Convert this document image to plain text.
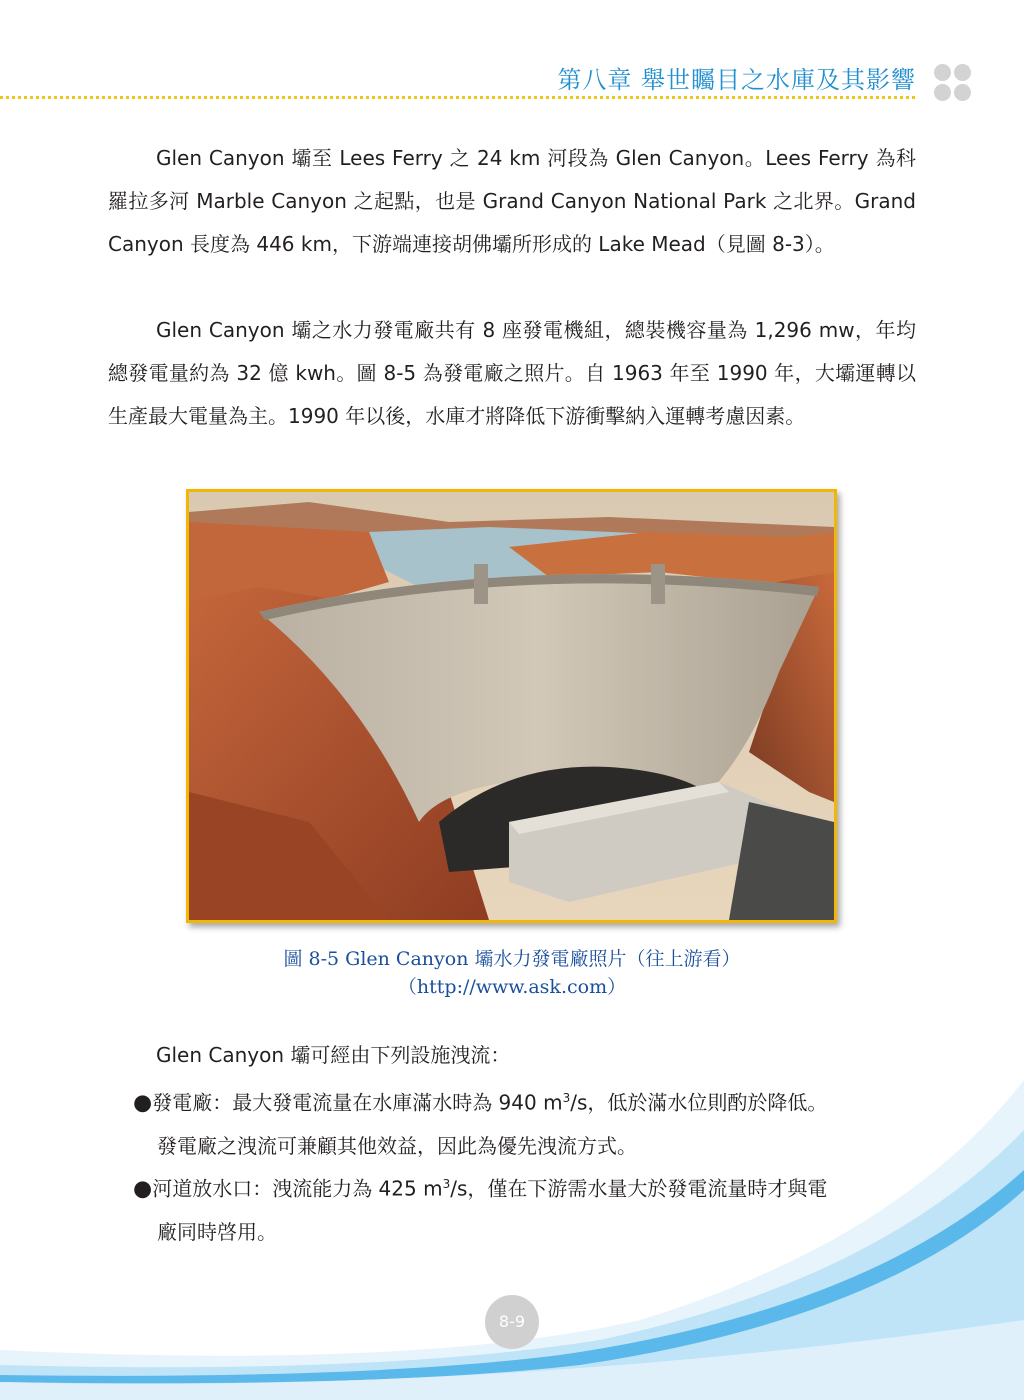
第八章 舉世矚目之水庫及其影響

Glen Canyon 壩至 Lees Ferry 之 24 km 河段為 Glen Canyon。Lees Ferry 為科羅拉多河 Marble Canyon 之起點，也是 Grand Canyon National Park 之北界。Grand Canyon 長度為 446 km，下游端連接胡佛壩所形成的 Lake Mead（見圖 8-3）。

Glen Canyon 壩之水力發電廠共有 8 座發電機組，總裝機容量為 1,296 mw，年均總發電量約為 32 億 kwh。圖 8-5 為發電廠之照片。自 1963 年至 1990 年，大壩運轉以生產最大電量為主。1990 年以後，水庫才將降低下游衝擊納入運轉考慮因素。

圖 8-5 Glen Canyon 壩水力發電廠照片（往上游看）
（http://www.ask.com）

Glen Canyon 壩可經由下列設施洩流：

●發電廠：最大發電流量在水庫滿水時為 940 $m^3/s$，低於滿水位則酌於降低。
發電廠之洩流可兼顧其他效益，因此為優先洩流方式。
●河道放水口：洩流能力為 425 $m^3/s$，僅在下游需水量大於發電流量時才與電
廠同時啓用。
8-9
